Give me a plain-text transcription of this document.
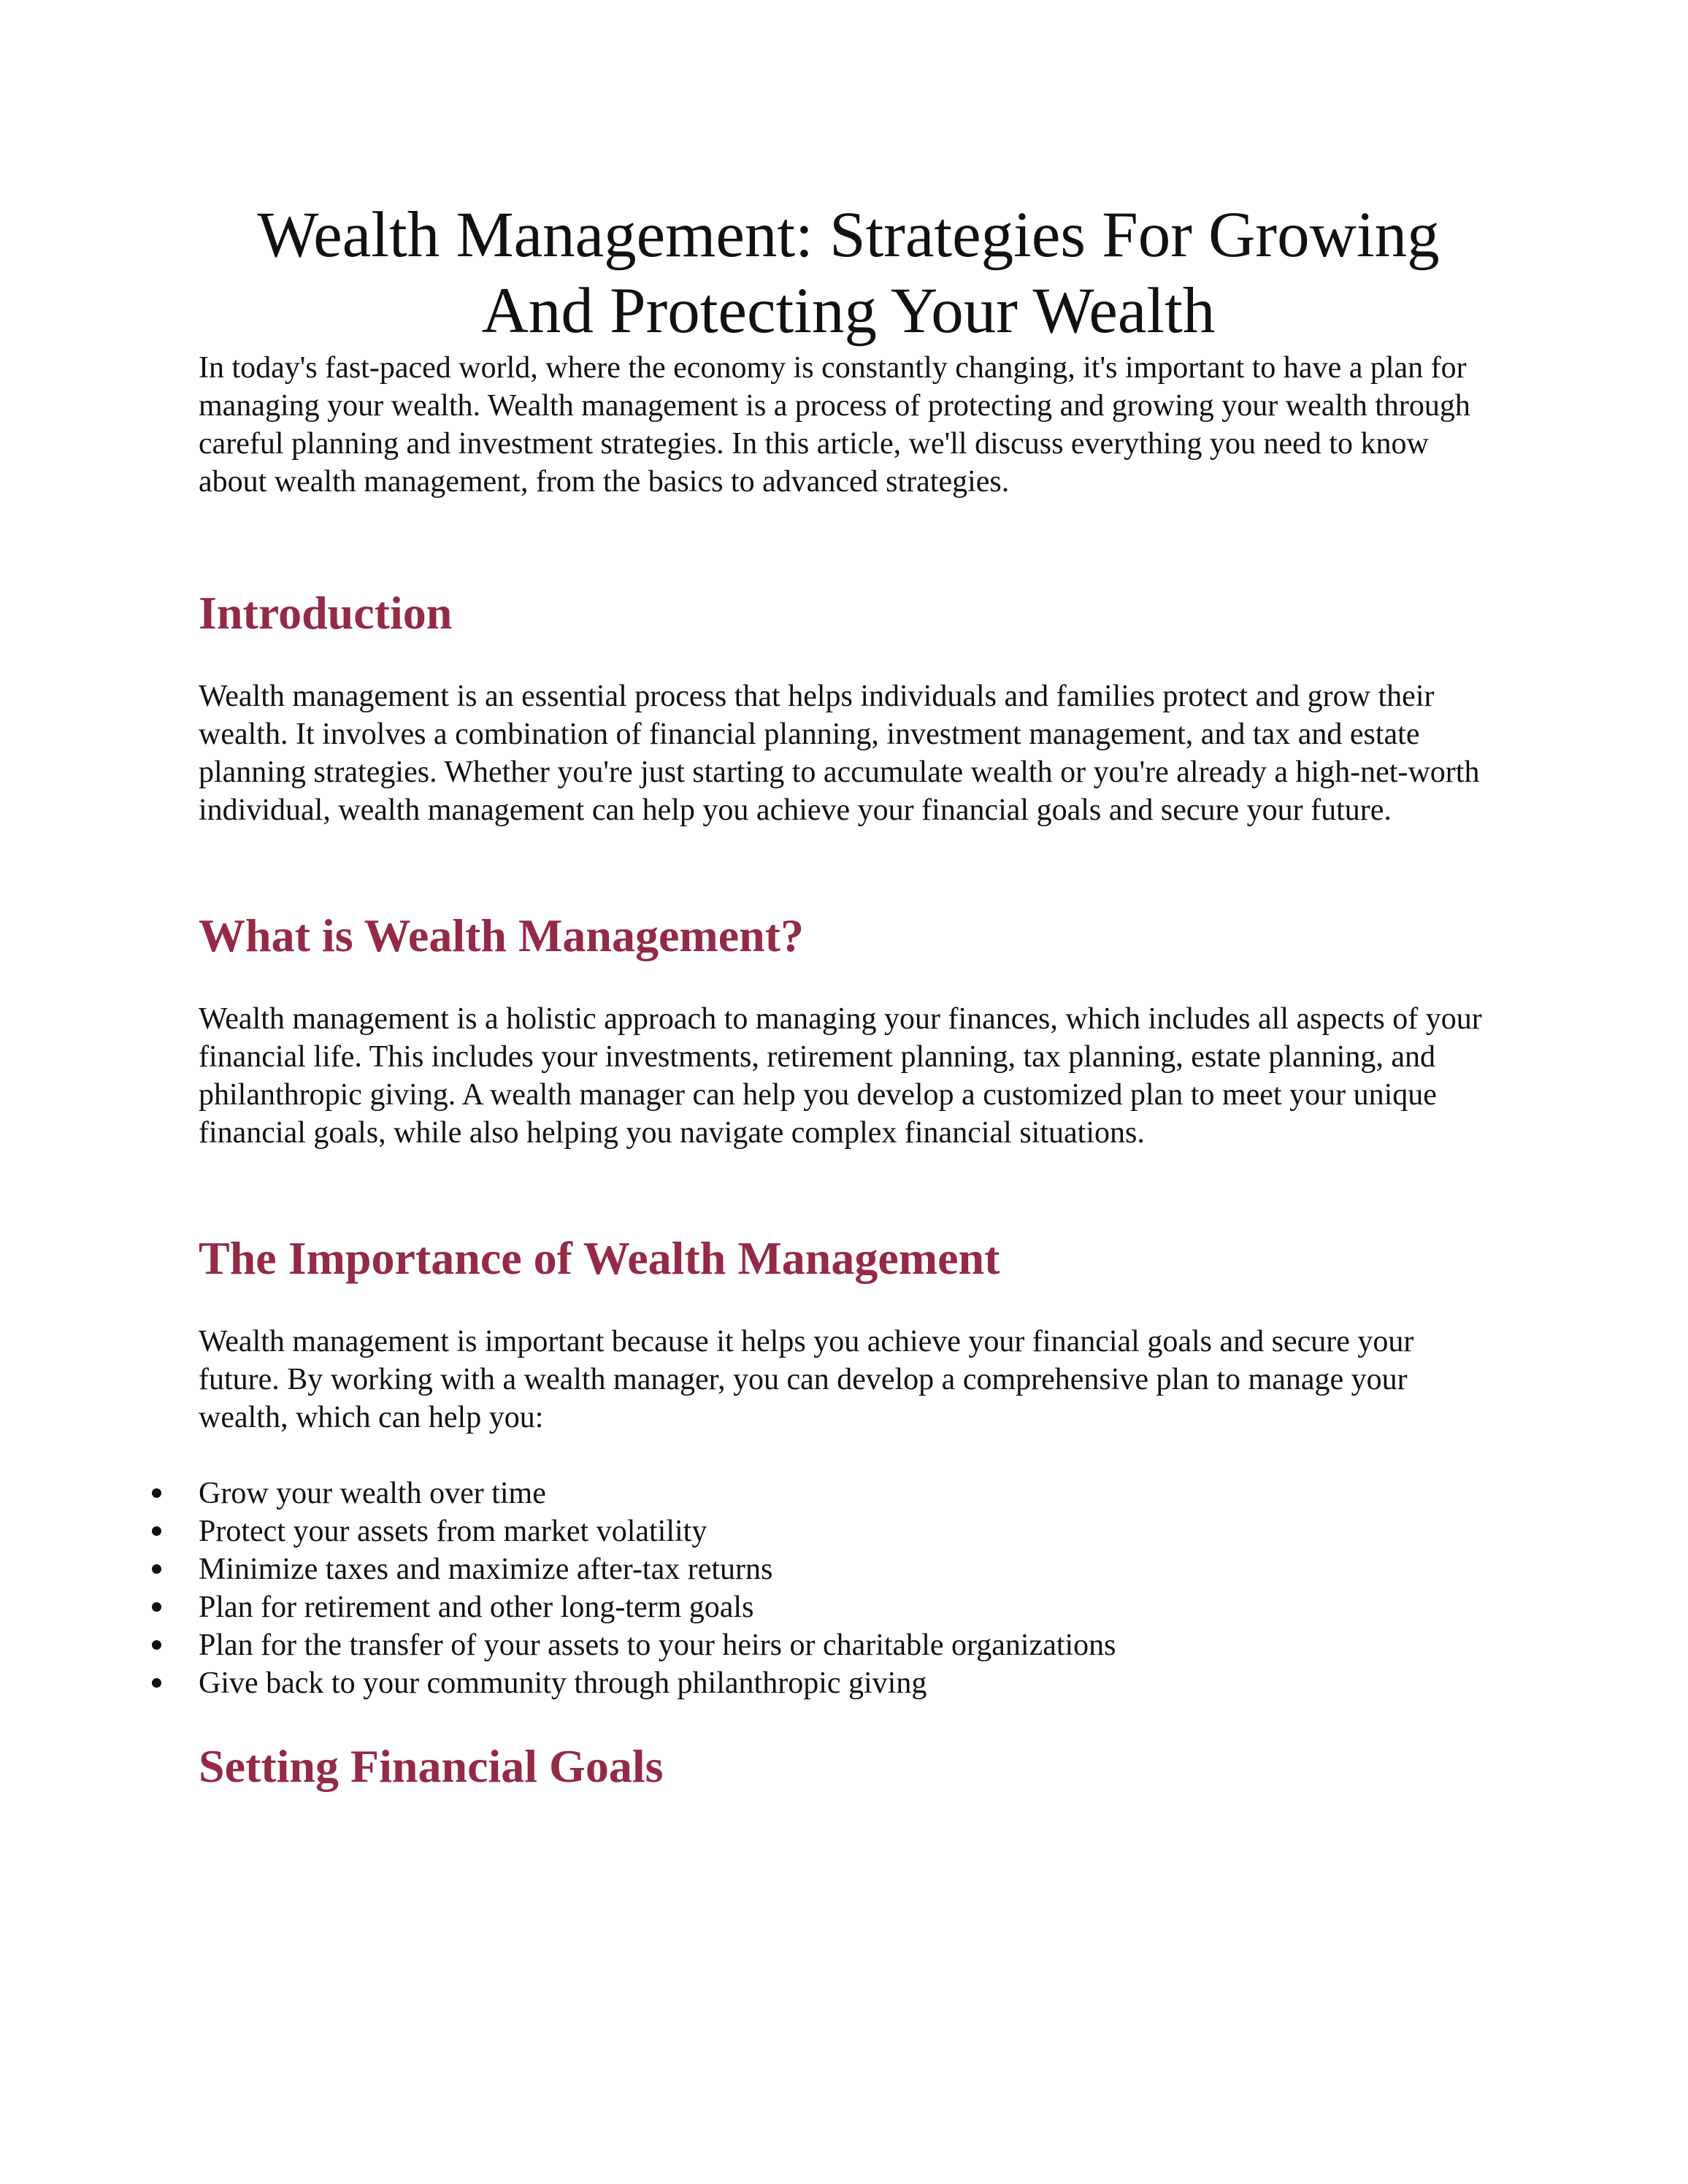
Wealth Management: Strategies For Growing
And Protecting Your Wealth

In today's fast-paced world, where the economy is constantly changing, it's important to have a plan for managing your wealth. Wealth management is a process of protecting and growing your wealth through careful planning and investment strategies. In this article, we'll discuss everything you need to know about wealth management, from the basics to advanced strategies.

Introduction

Wealth management is an essential process that helps individuals and families protect and grow their wealth. It involves a combination of financial planning, investment management, and tax and estate planning strategies. Whether you're just starting to accumulate wealth or you're already a high-net-worth individual, wealth management can help you achieve your financial goals and secure your future.

What is Wealth Management?

Wealth management is a holistic approach to managing your finances, which includes all aspects of your financial life. This includes your investments, retirement planning, tax planning, estate planning, and philanthropic giving. A wealth manager can help you develop a customized plan to meet your unique financial goals, while also helping you navigate complex financial situations.

The Importance of Wealth Management

Wealth management is important because it helps you achieve your financial goals and secure your future. By working with a wealth manager, you can develop a comprehensive plan to manage your wealth, which can help you:

Grow your wealth over time
Protect your assets from market volatility
Minimize taxes and maximize after-tax returns
Plan for retirement and other long-term goals
Plan for the transfer of your assets to your heirs or charitable organizations
Give back to your community through philanthropic giving
Setting Financial Goals
